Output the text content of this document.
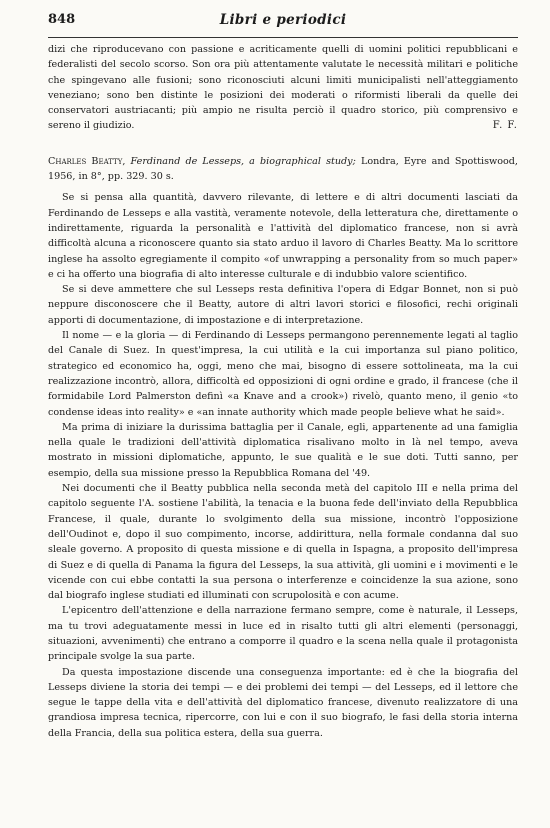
848	Libri e periodici

dizi che riproducevano con passione e acriticamente quelli di uomini politici repubblicani e federalisti del secolo scorso. Son ora più attentamente valutate le necessità militari e politiche che spingevano alle fusioni; sono riconosciuti alcuni limiti municipalisti nell'atteggiamento veneziano; sono ben distinte le posizioni dei moderati o riformisti liberali da quelle dei conservatori austriacanti; più ampio ne risulta perciò il quadro storico, più comprensivo e sereno il giudizio.	F. F.

Charles Beatty, Ferdinand de Lesseps, a biographical study; Londra, Eyre and Spottiswood, 1956, in 8°, pp. 329. 30 s.

Se si pensa alla quantità, davvero rilevante, di lettere e di altri documenti lasciati da Ferdinando de Lesseps e alla vastità, veramente notevole, della letteratura che, direttamente o indirettamente, riguarda la personalità e l'attività del diplomatico francese, non si avrà difficoltà alcuna a riconoscere quanto sia stato arduo il lavoro di Charles Beatty. Ma lo scrittore inglese ha assolto egregiamente il compito «of unwrapping a personality from so much paper» e ci ha offerto una biografia di alto interesse culturale e di indubbio valore scientifico.

Se si deve ammettere che sul Lesseps resta definitiva l'opera di Edgar Bonnet, non si può neppure disconoscere che il Beatty, autore di altri lavori storici e filosofici, rechi originali apporti di documentazione, di impostazione e di interpretazione.

Il nome — e la gloria — di Ferdinando di Lesseps permangono perennemente legati al taglio del Canale di Suez. In quest'impresa, la cui utilità e la cui importanza sul piano politico, strategico ed economico ha, oggi, meno che mai, bisogno di essere sottolineata, ma la cui realizzazione incontrò, allora, difficoltà ed opposizioni di ogni ordine e grado, il francese (che il formidabile Lord Palmerston definì «a Knave and a crook») rivelò, quanto meno, il genio «to condense ideas into reality» e «an innate authority which made people believe what he said».

Ma prima di iniziare la durissima battaglia per il Canale, egli, appartenente ad una famiglia nella quale le tradizioni dell'attività diplomatica risalivano molto in là nel tempo, aveva mostrato in missioni diplomatiche, appunto, le sue qualità e le sue doti. Tutti sanno, per esempio, della sua missione presso la Repubblica Romana del '49.

Nei documenti che il Beatty pubblica nella seconda metà del capitolo III e nella prima del capitolo seguente l'A. sostiene l'abilità, la tenacia e la buona fede dell'inviato della Repubblica Francese, il quale, durante lo svolgimento della sua missione, incontrò l'opposizione dell'Oudinot e, dopo il suo compimento, incorse, addirittura, nella formale condanna dal suo sleale governo. A proposito di questa missione e di quella in Ispagna, a proposito dell'impresa di Suez e di quella di Panama la figura del Lesseps, la sua attività, gli uomini e i movimenti e le vicende con cui ebbe contatti la sua persona o interferenze e coincidenze la sua azione, sono dal biografo inglese studiati ed illuminati con scrupolosità e con acume.

L'epicentro dell'attenzione e della narrazione fermano sempre, come è naturale, il Lesseps, ma tu trovi adeguatamente messi in luce ed in risalto tutti gli altri elementi (personaggi, situazioni, avvenimenti) che entrano a comporre il quadro e la scena nella quale il protagonista principale svolge la sua parte.

Da questa impostazione discende una conseguenza importante: ed è che la biografia del Lesseps diviene la storia dei tempi — e dei problemi dei tempi — del Lesseps, ed il lettore che segue le tappe della vita e dell'attività del diplomatico francese, divenuto realizzatore di una grandiosa impresa tecnica, ripercorre, con lui e con il suo biografo, le fasi della storia interna della Francia, della sua politica estera, della sua guerra.
